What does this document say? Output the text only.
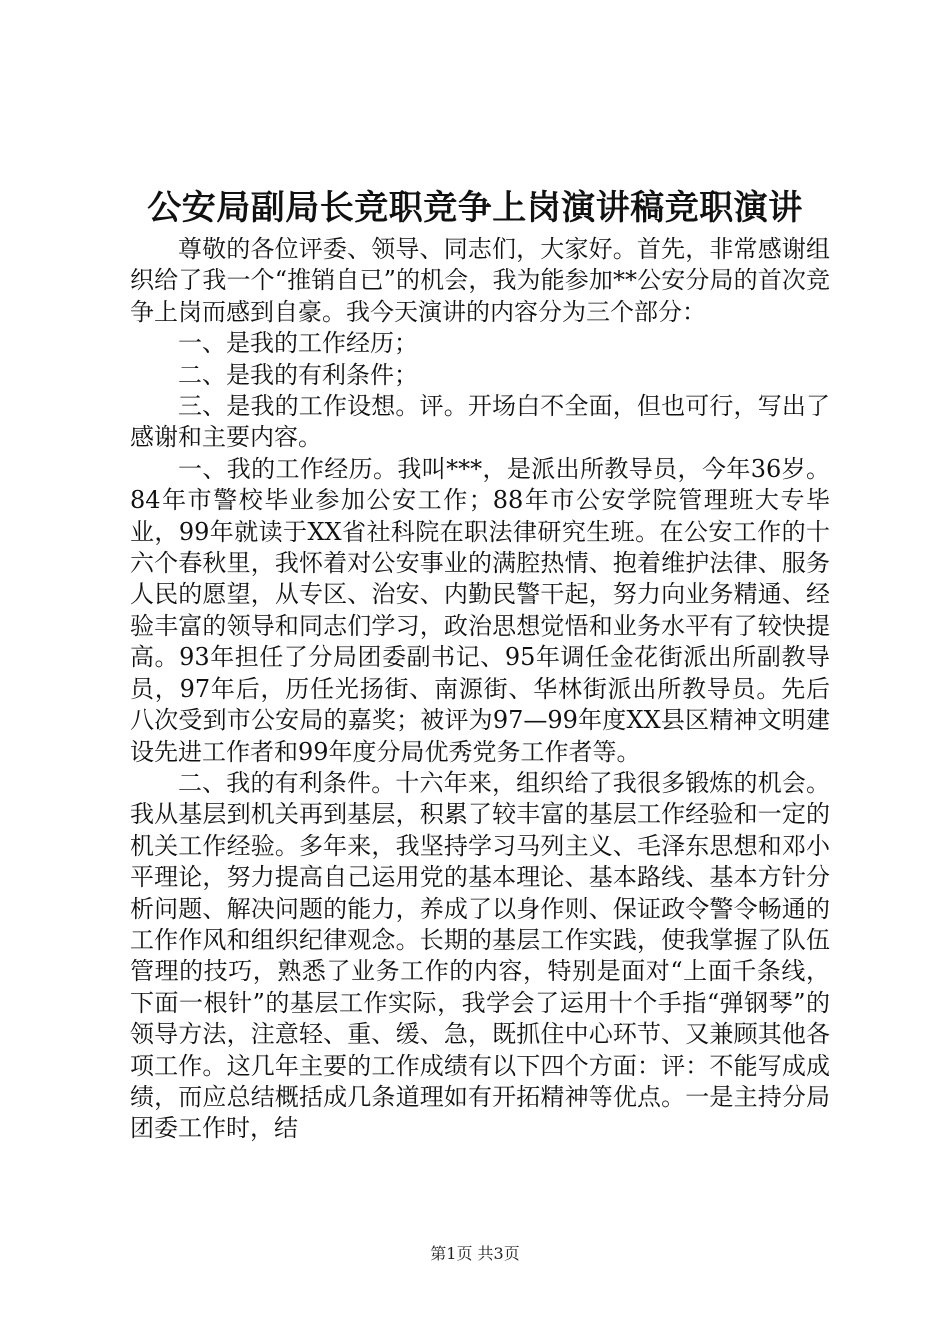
公安局副局长竞职竞争上岗演讲稿竞职演讲

尊敬的各位评委、领导、同志们，大家好。首先，非常感谢组织给了我一个“推销自已”的机会，我为能参加**公安分局的首次竞争上岗而感到自豪。我今天演讲的内容分为三个部分：

一、是我的工作经历；

二、是我的有利条件；

三、是我的工作设想。评。开场白不全面，但也可行，写出了感谢和主要内容。

一、我的工作经历。我叫***，是派出所教导员，今年36岁。84年市警校毕业参加公安工作；88年市公安学院管理班大专毕业，99年就读于XX省社科院在职法律研究生班。在公安工作的十六个春秋里，我怀着对公安事业的满腔热情、抱着维护法律、服务人民的愿望，从专区、治安、内勤民警干起，努力向业务精通、经验丰富的领导和同志们学习，政治思想觉悟和业务水平有了较快提高。93年担任了分局团委副书记、95年调任金花街派出所副教导员，97年后，历任光扬街、南源街、华林街派出所教导员。先后八次受到市公安局的嘉奖；被评为97—99年度XX县区精神文明建设先进工作者和99年度分局优秀党务工作者等。

二、我的有利条件。十六年来，组织给了我很多锻炼的机会。我从基层到机关再到基层，积累了较丰富的基层工作经验和一定的机关工作经验。多年来，我坚持学习马列主义、毛泽东思想和邓小平理论，努力提高自己运用党的基本理论、基本路线、基本方针分析问题、解决问题的能力，养成了以身作则、保证政令警令畅通的工作作风和组织纪律观念。长期的基层工作实践，使我掌握了队伍管理的技巧，熟悉了业务工作的内容，特别是面对“上面千条线，下面一根针”的基层工作实际，我学会了运用十个手指“弹钢琴”的领导方法，注意轻、重、缓、急，既抓住中心环节、又兼顾其他各项工作。这几年主要的工作成绩有以下四个方面：评：不能写成成绩，而应总结概括成几条道理如有开拓精神等优点。一是主持分局团委工作时，结

第1页 共3页
